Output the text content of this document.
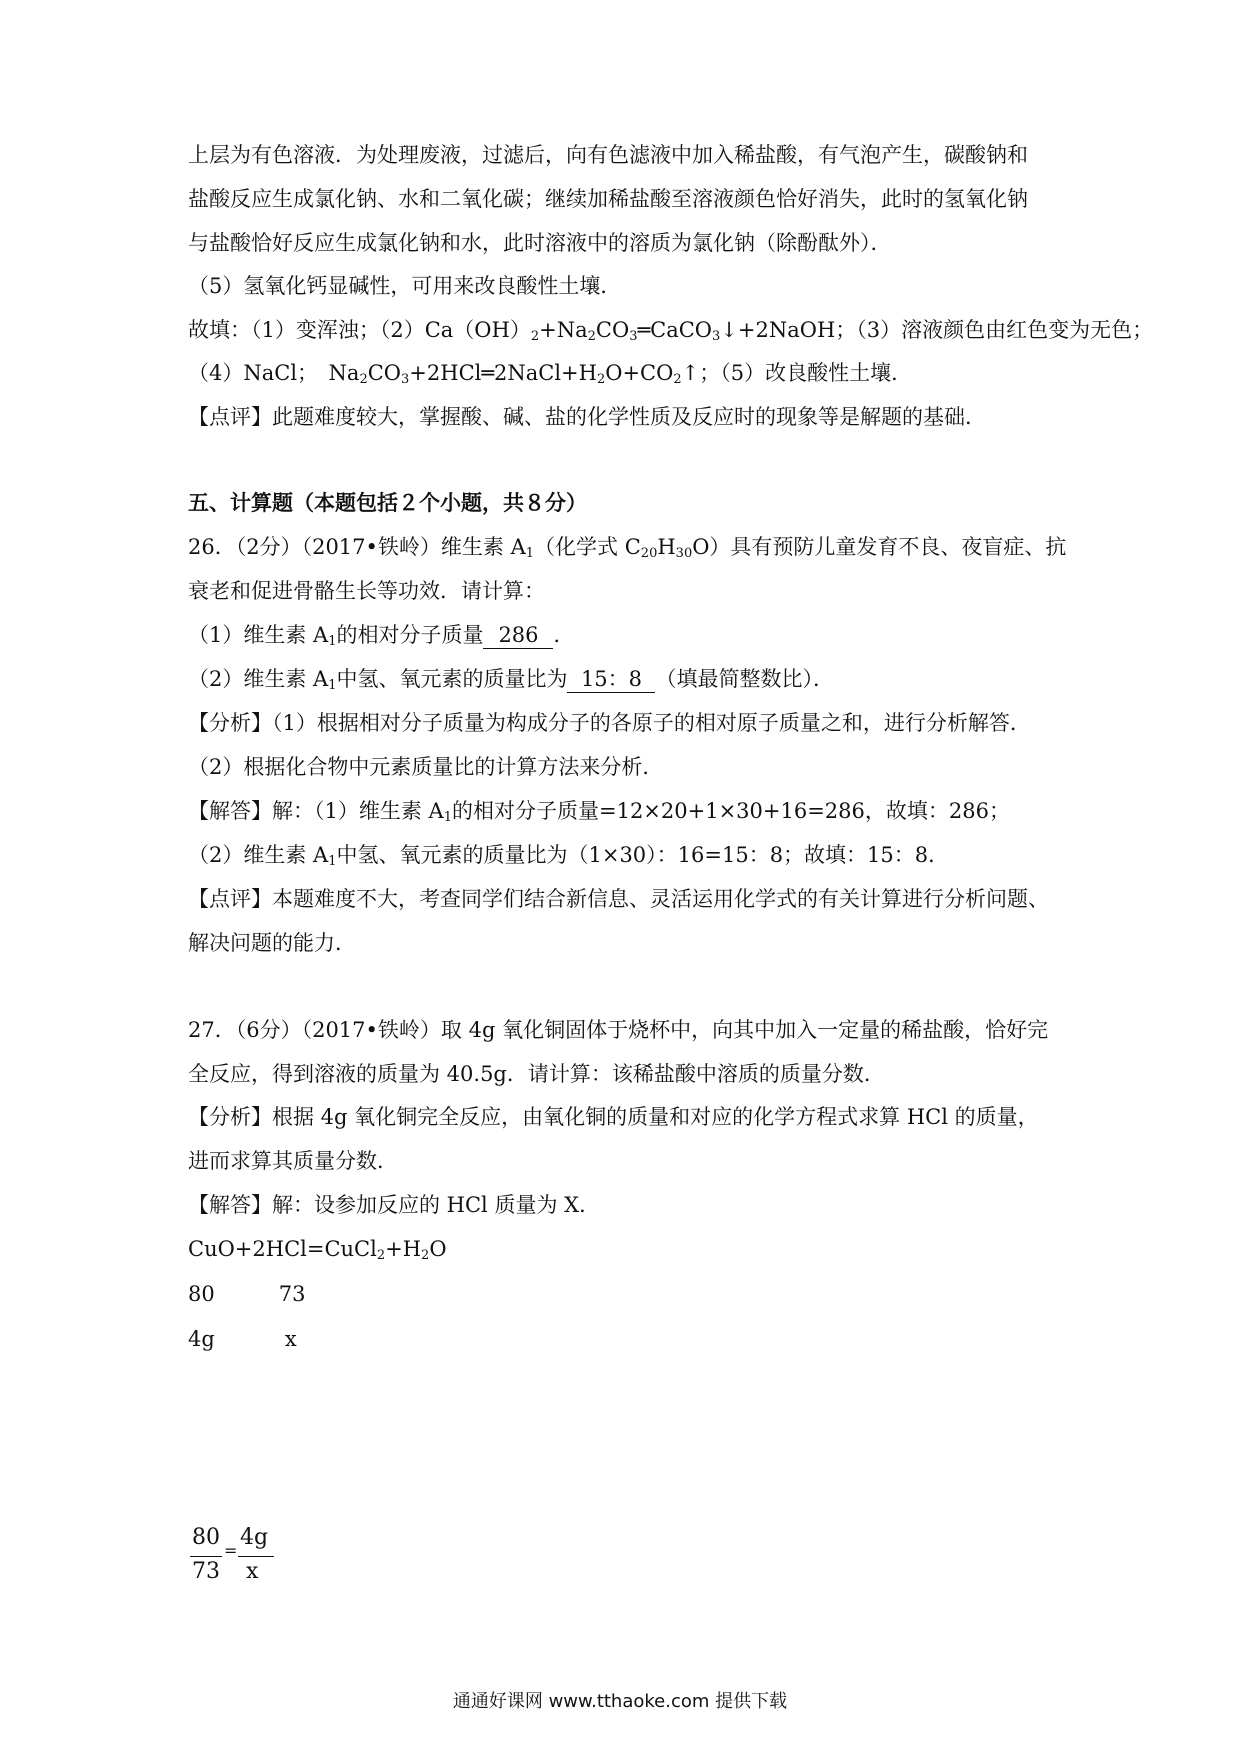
上层为有色溶液．为处理废液，过滤后，向有色滤液中加入稀盐酸，有气泡产生，碳酸钠和
盐酸反应生成氯化钠、水和二氧化碳；继续加稀盐酸至溶液颜色恰好消失，此时的氢氧化钠
与盐酸恰好反应生成氯化钠和水，此时溶液中的溶质为氯化钠（除酚酞外）．
（5）氢氧化钙显碱性，可用来改良酸性土壤．
故填：（1）变浑浊；$(2)Ca(OH)_2+Na_2CO_3═CaCO_3↓+2NaOH$；（3）溶液颜色由红色变为无色；
（4）NaCl；　$Na_2CO_3+2HCl═2NaCl+H_2O+CO_2↑$；（5）改良酸性土壤．
【点评】此题难度较大，掌握酸、碱、盐的化学性质及反应时的现象等是解题的基础．
五、计算题（本题包括２个小题，共８分）
26．（2分）（2017•铁岭）维生素 $A_1$（化学式 $C_{20}H_{30}O$）具有预防儿童发育不良、夜盲症、抗
衰老和促进骨骼生长等功效．请计算：
（1）维生素 $A_1$的相对分子质量 286 ．
（2）维生素 $A_1$中氢、氧元素的质量比为 15：8 （填最简整数比）．
【分析】（1）根据相对分子质量为构成分子的各原子的相对原子质量之和，进行分析解答．
（2）根据化合物中元素质量比的计算方法来分析．
【解答】解：（1）维生素 $A_1$的相对分子质量=12×20+1×30+16=286，故填：286；
（2）维生素 $A_1$中氢、氧元素的质量比为（1×30）：16=15：8；故填：15：8．
【点评】本题难度不大，考查同学们结合新信息、灵活运用化学式的有关计算进行分析问题、
解决问题的能力．
27．（6分）（2017•铁岭）取 4g 氧化铜固体于烧杯中，向其中加入一定量的稀盐酸，恰好完
全反应，得到溶液的质量为 40.5g．请计算：该稀盐酸中溶质的质量分数．
【分析】根据 4g 氧化铜完全反应，由氧化铜的质量和对应的化学方程式求算 HCl 的质量，
进而求算其质量分数．
【解答】解：设参加反应的 HCl 质量为 X．
$CuO+2HCl=CuCl_2+H_2O$
80	73
4g	x
80
73
=
4g
x
通通好课网 www.tthaoke.com 提供下载
